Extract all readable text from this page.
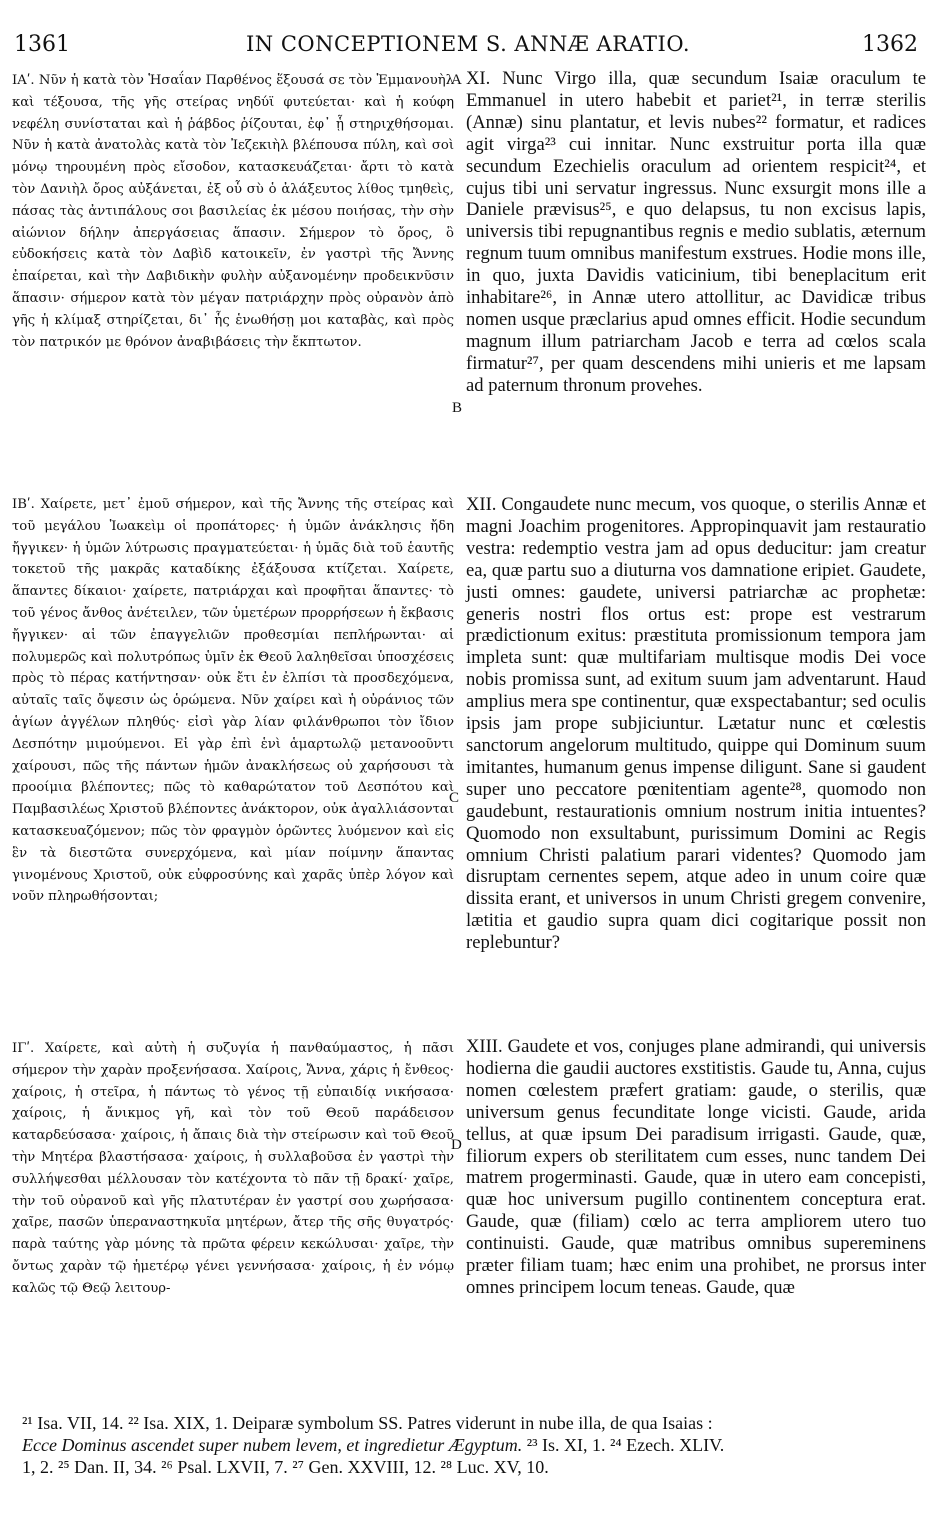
1361	IN CONCEPTIONEM S. ANNÆ ARATIO.	1362

ΙΑʹ. Νῦν ἡ κατὰ τὸν Ἡσαΐαν Παρθένος ἕξουσά σε τὸν Ἐμμανουὴλ καὶ τέξουσα, τῆς γῆς στείρας νηδύϊ φυτεύεται· καὶ ἡ κούφη νεφέλη συνίσταται καὶ ἡ ῥάβδος ῥίζουται, ἐφ᾽ ᾗ στηριχθήσομαι. Νῦν ἡ κατὰ ἀνατολὰς κατὰ τὸν Ἰεζεκιὴλ βλέπουσα πύλη, καὶ σοὶ μόνῳ τηρουμένη πρὸς εἴσοδον, κατασκευάζεται· ἄρτι τὸ κατὰ τὸν Δανιὴλ ὄρος αὐξάνεται, ἐξ οὗ σὺ ὁ ἀλάξευτος λίθος τμηθεὶς, πάσας τὰς ἀντιπάλους σοι βασιλείας ἐκ μέσου ποιήσας, τὴν σὴν αἰώνιον δήλην ἀπεργάσειας ἅπασιν. Σήμερον τὸ ὄρος, ὃ εὐδοκήσεις κατὰ τὸν Δαβὶδ κατοικεῖν, ἐν γαστρὶ τῆς Ἄννης ἐπαίρεται, καὶ τὴν Δαβιδικὴν φυλὴν αὐξανομένην προδεικνῦσιν ἅπασιν· σήμερον κατὰ τὸν μέγαν πατριάρχην πρὸς οὐρανὸν ἀπὸ γῆς ἡ κλίμαξ στηρίζεται, δι᾽ ἧς ἑνωθήσῃ μοι καταβὰς, καὶ πρὸς τὸν πατρικόν με θρόνον ἀναβιβάσεις τὴν ἔκπτωτον.

ΙΒʹ. Χαίρετε, μετ᾽ ἐμοῦ σήμερον, καὶ τῆς Ἄννης τῆς στείρας καὶ τοῦ μεγάλου Ἰωακεὶμ οἱ προπάτορες· ἡ ὑμῶν ἀνάκλησις ἤδη ἤγγικεν· ἡ ὑμῶν λύτρωσις πραγματεύεται· ἡ ὑμᾶς διὰ τοῦ ἑαυτῆς τοκετοῦ τῆς μακρᾶς καταδίκης ἐξάξουσα κτίζεται. Χαίρετε, ἅπαντες δίκαιοι· χαίρετε, πατριάρχαι καὶ προφῆται ἅπαντες· τὸ τοῦ γένος ἄνθος ἀνέτειλεν, τῶν ὑμετέρων προρρήσεων ἡ ἔκβασις ἤγγικεν· αἱ τῶν ἐπαγγελιῶν προθεσμίαι πεπλήρωνται· αἱ πολυμερῶς καὶ πολυτρόπως ὑμῖν ἐκ Θεοῦ λαληθεῖσαι ὑποσχέσεις πρὸς τὸ πέρας κατήντησαν· οὐκ ἔτι ἐν ἐλπίσι τὰ προσδεχόμενα, αὐταῖς ταῖς ὄψεσιν ὡς ὁρώμενα. Νῦν χαίρει καὶ ἡ οὐράνιος τῶν ἁγίων ἀγγέλων πληθύς· εἰσὶ γὰρ λίαν φιλάνθρωποι τὸν ἴδιον Δεσπότην μιμούμενοι. Εἰ γὰρ ἐπὶ ἑνὶ ἁμαρτωλῷ μετανοοῦντι χαίρουσι, πῶς τῆς πάντων ἡμῶν ἀνακλήσεως οὐ χαρήσουσι τὰ προοίμια βλέποντες; πῶς τὸ καθαρώτατον τοῦ Δεσπότου καὶ Παμβασιλέως Χριστοῦ βλέποντες ἀνάκτορον, οὐκ ἀγαλλιάσονται κατασκευαζόμενον; πῶς τὸν φραγμὸν ὁρῶντες λυόμενον καὶ εἰς ἓν τὰ διεστῶτα συνερχόμενα, καὶ μίαν ποίμνην ἅπαντας γινομένους Χριστοῦ, οὐκ εὐφροσύνης καὶ χαρᾶς ὑπὲρ λόγον καὶ νοῦν πληρωθήσονται;

ΙΓʹ. Χαίρετε, καὶ αὐτὴ ἡ συζυγία ἡ πανθαύμαστος, ἡ πᾶσι σήμερον τὴν χαρὰν προξενήσασα. Χαίροις, Ἄννα, χάρις ἡ ἔνθεος· χαίροις, ἡ στεῖρα, ἡ πάντως τὸ γένος τῇ εὐπαιδίᾳ νικήσασα· χαίροις, ἡ ἄνικμος γῆ, καὶ τὸν τοῦ Θεοῦ παράδεισον καταρδεύσασα· χαίροις, ἡ ἄπαις διὰ τὴν στείρωσιν καὶ τοῦ Θεοῦ τὴν Μητέρα βλαστήσασα· χαίροις, ἡ συλλαβοῦσα ἐν γαστρὶ τὴν συλλήψεσθαι μέλλουσαν τὸν κατέχοντα τὸ πᾶν τῇ δρακί· χαῖρε, τὴν τοῦ οὐρανοῦ καὶ γῆς πλατυτέραν ἐν γαστρί σου χωρήσασα· χαῖρε, πασῶν ὑπεραναστηκυῖα μητέρων, ἄτερ τῆς σῆς θυγατρός· παρὰ ταύτης γὰρ μόνης τὰ πρῶτα φέρειν κεκώλυσαι· χαῖρε, τὴν ὄντως χαρὰν τῷ ἡμετέρῳ γένει γεννήσασα· χαίροις, ἡ ἐν νόμῳ καλῶς τῷ Θεῷ λειτουρ-

A
B
C
D

XI. Nunc Virgo illa, quæ secundum Isaiæ oraculum te Emmanuel in utero habebit et pariet²¹, in terræ sterilis (Annæ) sinu plantatur, et levis nubes²² formatur, et radices agit virga²³ cui innitar. Nunc exstruitur porta illa quæ secundum Ezechielis oraculum ad orientem respicit²⁴, et cujus tibi uni servatur ingressus. Nunc exsurgit mons ille a Daniele prævisus²⁵, e quo delapsus, tu non excisus lapis, universis tibi repugnantibus regnis e medio sublatis, æternum regnum tuum omnibus manifestum exstrues. Hodie mons ille, in quo, juxta Davidis vaticinium, tibi beneplacitum erit inhabitare²⁶, in Annæ utero attollitur, ac Davidicæ tribus nomen usque præclarius apud omnes efficit. Hodie secundum magnum illum patriarcham Jacob e terra ad cœlos scala firmatur²⁷, per quam descendens mihi unieris et me lapsam ad paternum thronum provehes.

XII. Congaudete nunc mecum, vos quoque, o sterilis Annæ et magni Joachim progenitores. Appropinquavit jam restauratio vestra: redemptio vestra jam ad opus deducitur: jam creatur ea, quæ partu suo a diuturna vos damnatione eripiet. Gaudete, justi omnes: gaudete, universi patriarchæ ac prophetæ: generis nostri flos ortus est: prope est vestrarum prædictionum exitus: præstituta promissionum tempora jam impleta sunt: quæ multifariam multisque modis Dei voce nobis promissa sunt, ad exitum suum jam adventarunt. Haud amplius mera spe continentur, quæ exspectabantur; sed oculis ipsis jam prope subjiciuntur. Lætatur nunc et cœlestis sanctorum angelorum multitudo, quippe qui Dominum suum imitantes, humanum genus impense diligunt. Sane si gaudent super uno peccatore pœnitentiam agente²⁸, quomodo non gaudebunt, restaurationis omnium nostrum initia intuentes? Quomodo non exsultabunt, purissimum Domini ac Regis omnium Christi palatium parari videntes? Quomodo jam disruptam cernentes sepem, atque adeo in unum coire quæ dissita erant, et universos in unum Christi gregem convenire, lætitia et gaudio supra quam dici cogitarique possit non replebuntur?

XIII. Gaudete et vos, conjuges plane admirandi, qui universis hodierna die gaudii auctores exstitistis. Gaude tu, Anna, cujus nomen cœlestem præfert gratiam: gaude, o sterilis, quæ universum genus fecunditate longe vicisti. Gaude, arida tellus, at quæ ipsum Dei paradisum irrigasti. Gaude, quæ, filiorum expers ob sterilitatem cum esses, nunc tandem Dei matrem progerminasti. Gaude, quæ in utero eam concepisti, quæ hoc universum pugillo continentem conceptura erat. Gaude, quæ (filiam) cœlo ac terra ampliorem utero tuo continuisti. Gaude, quæ matribus omnibus supereminens præter filiam tuam; hæc enim una prohibet, ne prorsus inter omnes principem locum teneas. Gaude, quæ

²¹ Isa. VII, 14. ²² Isa. XIX, 1. Deiparæ symbolum SS. Patres viderunt in nube illa, de qua Isaias :
Ecce Dominus ascendet super nubem levem, et ingredietur Ægyptum. ²³ Is. XI, 1. ²⁴ Ezech. XLIV.
1, 2. ²⁵ Dan. II, 34. ²⁶ Psal. LXVII, 7. ²⁷ Gen. XXVIII, 12. ²⁸ Luc. XV, 10.
